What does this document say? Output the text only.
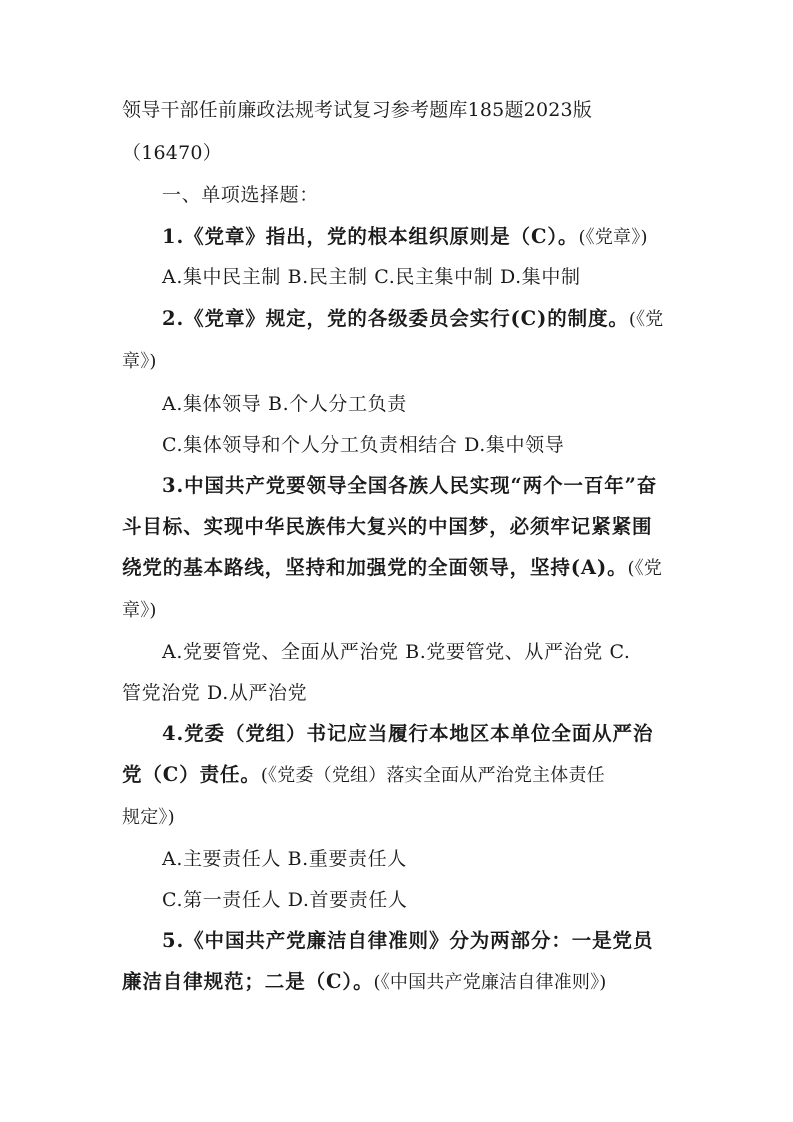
领导干部任前廉政法规考试复习参考题库185题2023版
（16470）
一、单项选择题：
1.《党章》指出，党的根本组织原则是（C）。(《党章》)
A.集中民主制 B.民主制 C.民主集中制 D.集中制
2.《党章》规定，党的各级委员会实行(C)的制度。(《党
章》)
A.集体领导 B.个人分工负责
C.集体领导和个人分工负责相结合 D.集中领导
3.中国共产党要领导全国各族人民实现“两个一百年”奋
斗目标、实现中华民族伟大复兴的中国梦，必须牢记紧紧围
绕党的基本路线，坚持和加强党的全面领导，坚持(A)。(《党
章》)
A.党要管党、全面从严治党 B.党要管党、从严治党 C.
管党治党 D.从严治党
4.党委（党组）书记应当履行本地区本单位全面从严治
党（C）责任。(《党委（党组）落实全面从严治党主体责任
规定》)
A.主要责任人 B.重要责任人
C.第一责任人 D.首要责任人
5.《中国共产党廉洁自律准则》分为两部分：一是党员
廉洁自律规范；二是（C）。(《中国共产党廉洁自律准则》)
